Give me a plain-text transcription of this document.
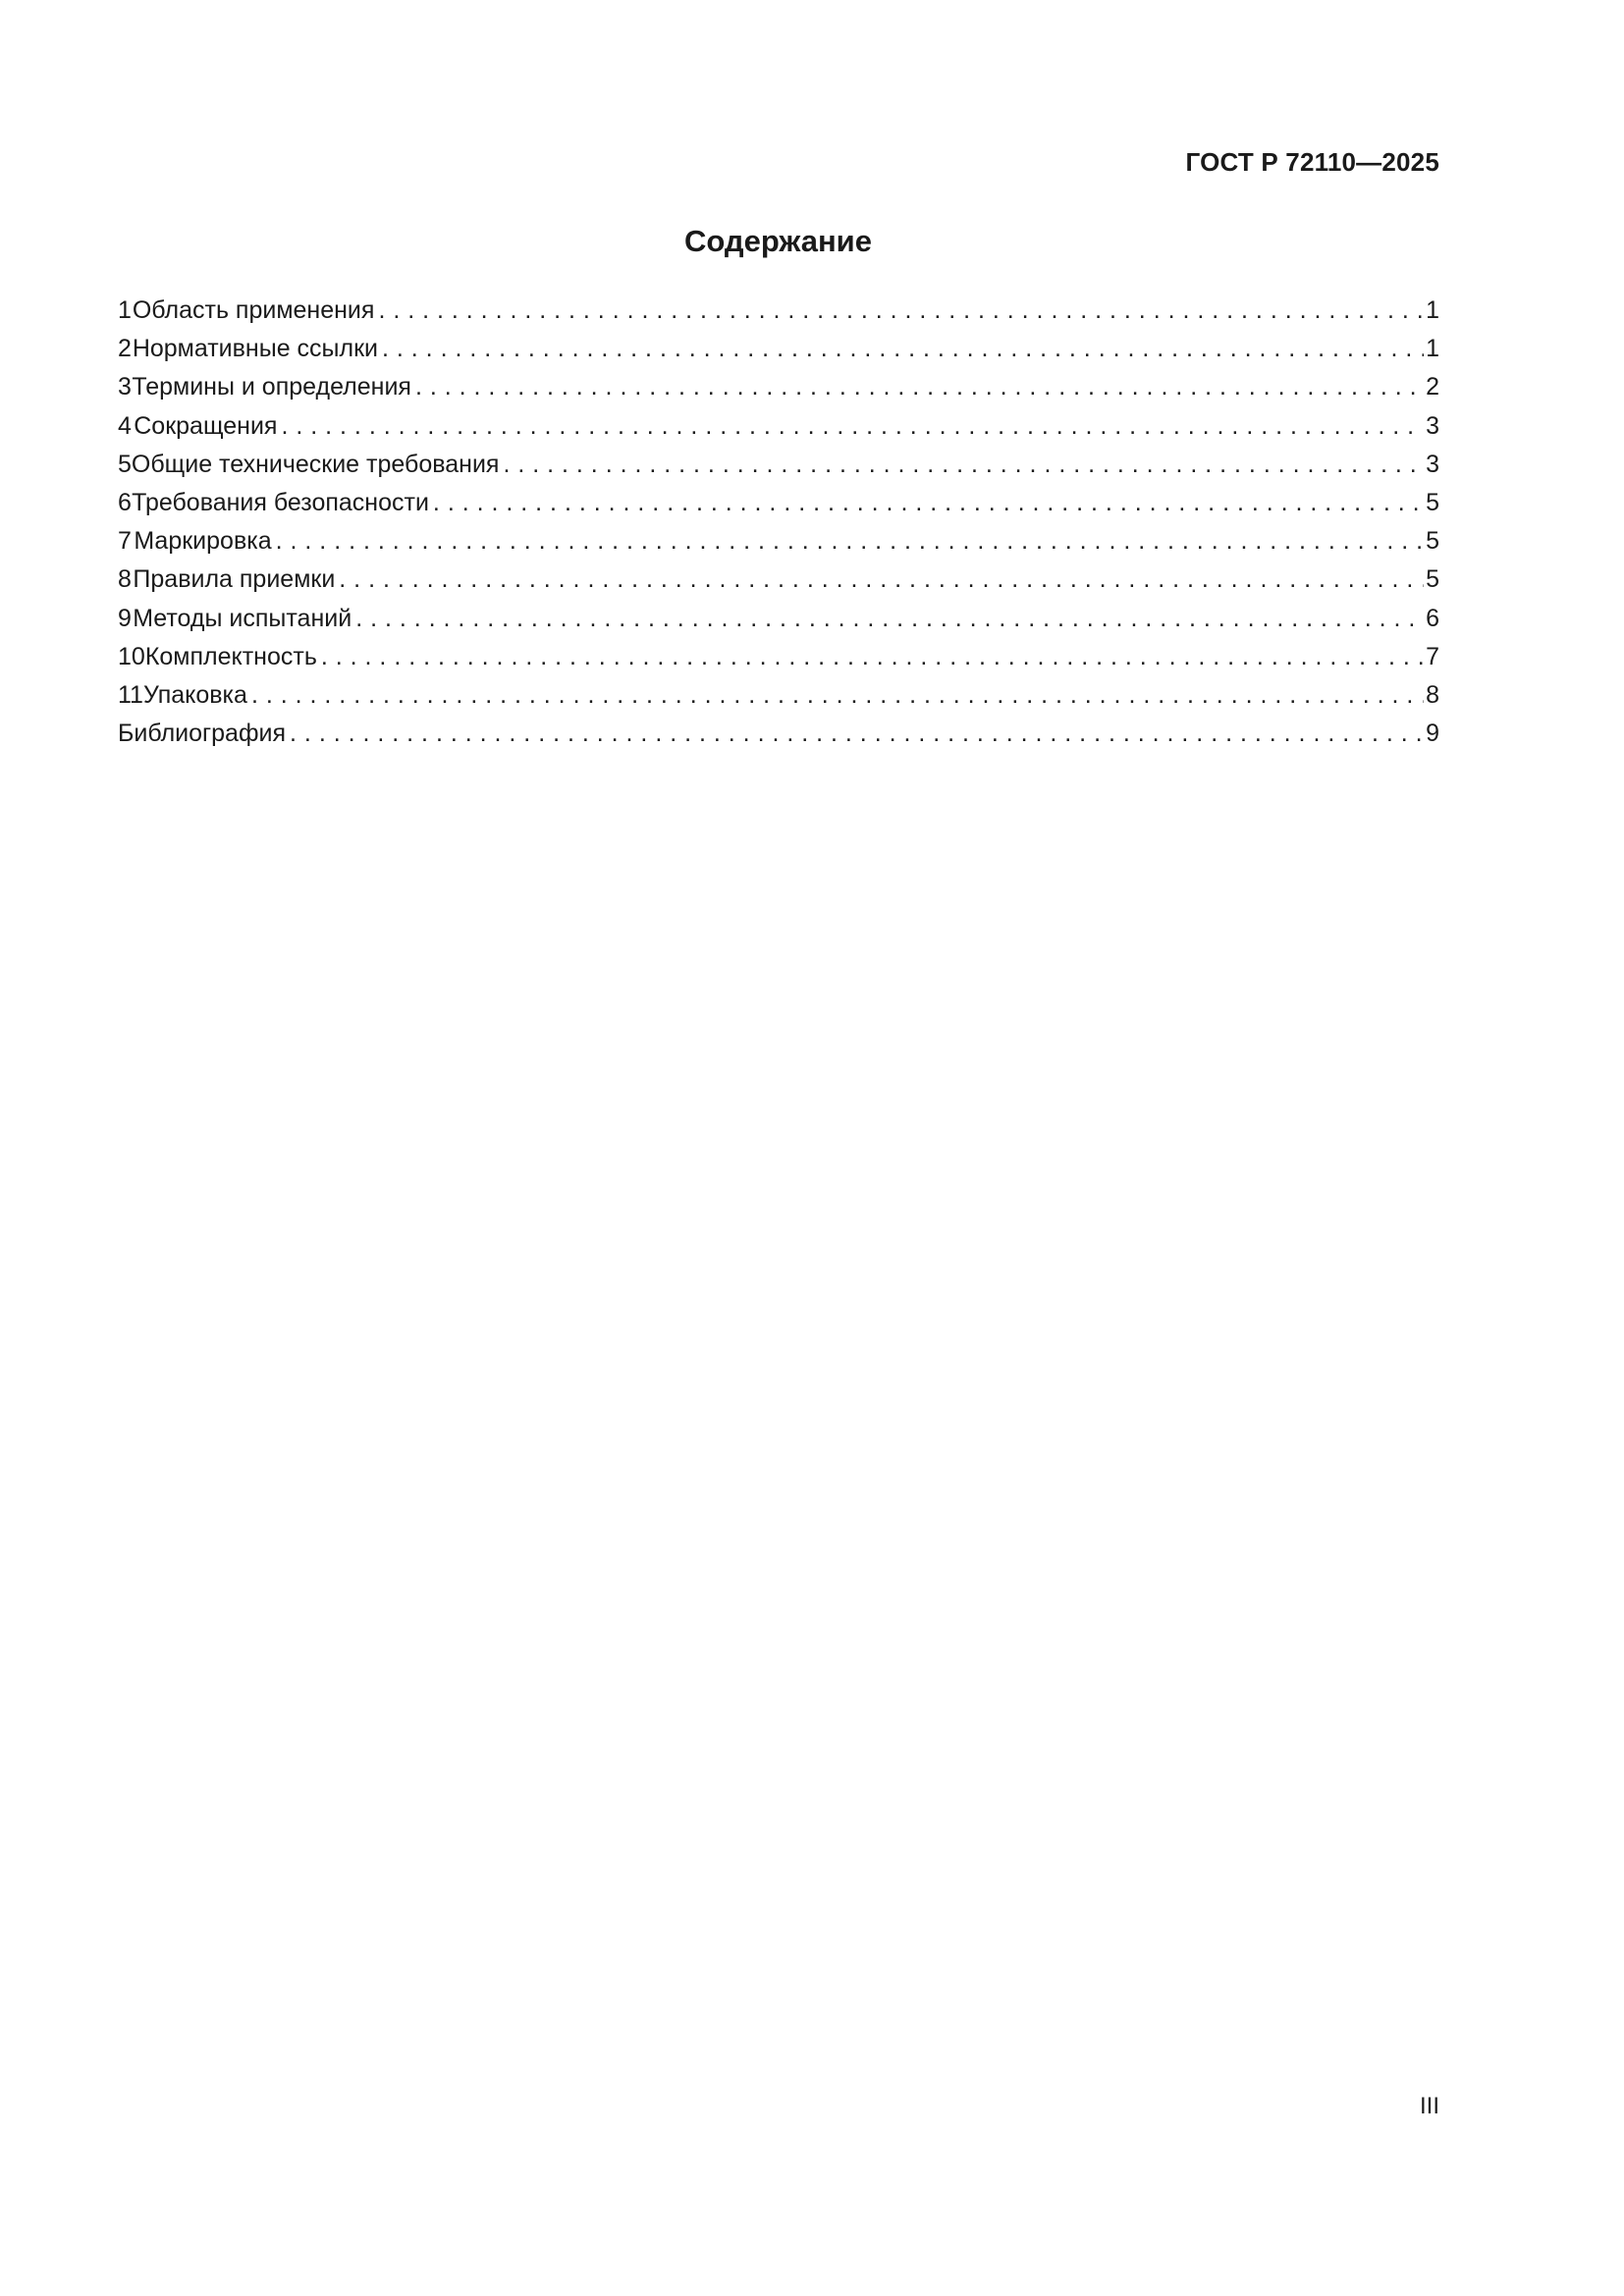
ГОСТ Р 72110—2025
Содержание
1 Область применения . . .	1
2 Нормативные ссылки . . .	1
3 Термины и определения . . .	2
4 Сокращения . . .	3
5 Общие технические требования . . .	3
6 Требования безопасности . . .	5
7 Маркировка . . .	5
8 Правила приемки . . .	5
9 Методы испытаний . . .	6
10 Комплектность . . .	7
11 Упаковка . . .	8
Библиография . . .	9
III
